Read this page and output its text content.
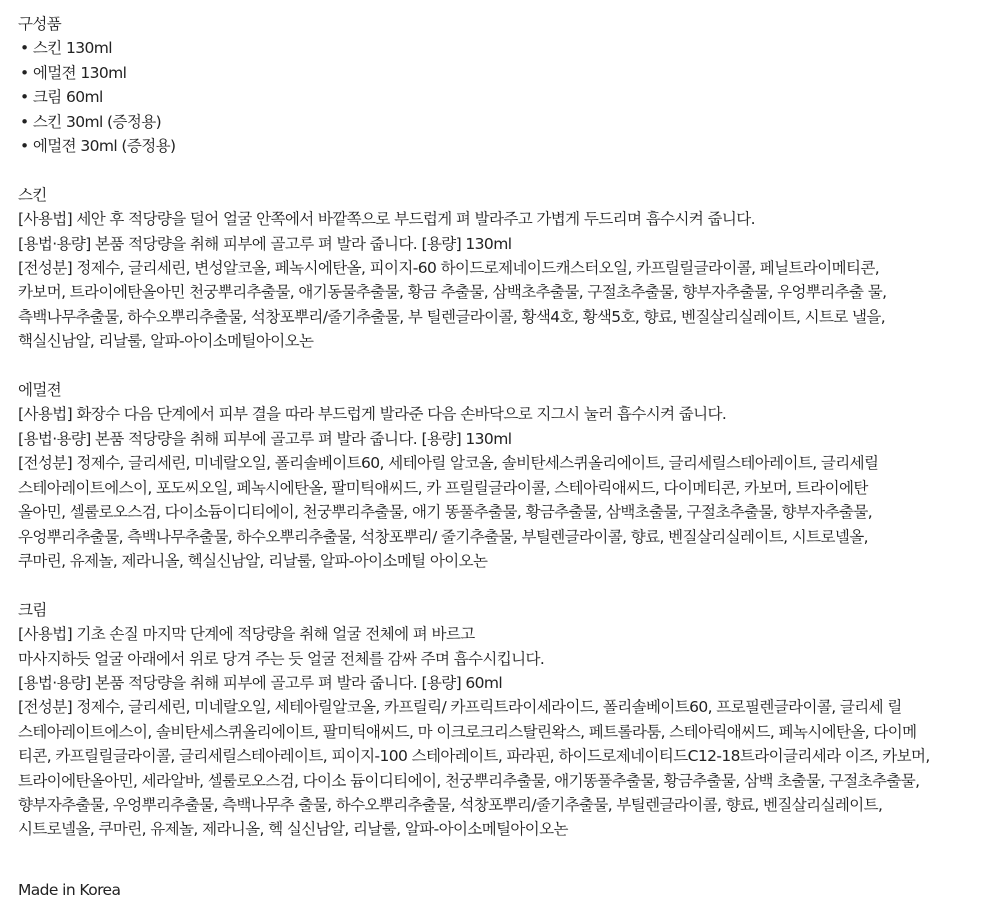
구성품
• 스킨 130ml
• 에멀젼 130ml
• 크림 60ml
• 스킨 30ml (증정용)
• 에멀젼 30ml (증정용)
스킨
[사용법] 세안 후 적당량을 덜어 얼굴 안쪽에서 바깥쪽으로 부드럽게 펴 발라주고 가볍게 두드리며 흡수시켜 줍니다.
[용법·용량] 본품 적당량을 취해 피부에 골고루 펴 발라 줍니다. [용량] 130ml
[전성분] 정제수, 글리세린, 변성알코올, 페녹시에탄올, 피이지-60 하이드로제네이드캐스터오일, 카프릴릴글라이콜, 페닐트라이메티콘,
카보머, 트라이에탄올아민 천궁뿌리추출물, 애기동물추출물, 황금 추출물, 삼백초추출물, 구절초추출물, 향부자추출물, 우엉뿌리추출 물,
측백나무추출물, 하수오뿌리추출물, 석창포뿌리/줄기추출물, 부 틸렌글라이콜, 황색4호, 황색5호, 향료, 벤질살리실레이트, 시트로 낼을,
핵실신남알, 리날룰, 알파-아이소메틸아이오논
에멀젼
[사용법] 화장수 다음 단계에서 피부 결을 따라 부드럽게 발라준 다음 손바닥으로 지그시 눌러 흡수시켜 줍니다.
[용법·용량] 본품 적당량을 취해 피부에 골고루 펴 발라 줍니다. [용량] 130ml
[전성분] 정제수, 글리세린, 미네랄오일, 폴리솔베이트60, 세테아릴 알코올, 솔비탄세스퀴올리에이트, 글리세릴스테아레이트, 글리세릴
스테아레이트에스이, 포도씨오일, 페녹시에탄올, 팔미틱애씨드, 카 프릴릴글라이콜, 스테아릭애씨드, 다이메티콘, 카보머, 트라이에탄
올아민, 셀룰로오스검, 다이소듐이디티에이, 천궁뿌리추출물, 애기 똥풀추출물, 황금추출물, 삼백초출물, 구절초추출물, 향부자추출물,
우엉뿌리추출물, 측백나무추출물, 하수오뿌리추출물, 석창포뿌리/ 줄기추출물, 부틸렌글라이콜, 향료, 벤질살리실레이트, 시트로넬올,
쿠마린, 유제놀, 제라니올, 헥실신남알, 리날룰, 알파-아이소메틸 아이오논
크림
[사용법] 기초 손질 마지막 단계에 적당량을 취해 얼굴 전체에 펴 바르고
마사지하듯 얼굴 아래에서 위로 당겨 주는 듯 얼굴 전체를 감싸 주며 흡수시킵니다.
[용법·용량] 본품 적당량을 취해 피부에 골고루 펴 발라 줍니다. [용량] 60ml
[전성분] 정제수, 글리세린, 미네랄오일, 세테아릴알코올, 카프릴릭/ 카프릭트라이세라이드, 폴리솔베이트60, 프로필렌글라이콜, 글리세 릴
스테아레이트에스이, 솔비탄세스퀴올리에이트, 팔미틱애씨드, 마 이크로크리스탈린왁스, 페트롤라툼, 스테아릭애씨드, 페녹시에탄올, 다이메
티콘, 카프릴릴글라이콜, 글리세릴스테아레이트, 피이지-100 스테아레이트, 파라핀, 하이드로제네이티드C12-18트라이글리세라 이즈, 카보머,
트라이에탄올아민, 세라알바, 셀룰로오스검, 다이소 듐이디티에이, 천궁뿌리추출물, 애기똥풀추출물, 황금추출물, 삼백 초출물, 구절초추출물,
향부자추출물, 우엉뿌리추출물, 측백나무추 출물, 하수오뿌리추출물, 석창포뿌리/줄기추출물, 부틸렌글라이콜, 향료, 벤질살리실레이트,
시트로넬올, 쿠마린, 유제놀, 제라니올, 헥 실신남알, 리날룰, 알파-아이소메틸아이오논
Made in Korea
